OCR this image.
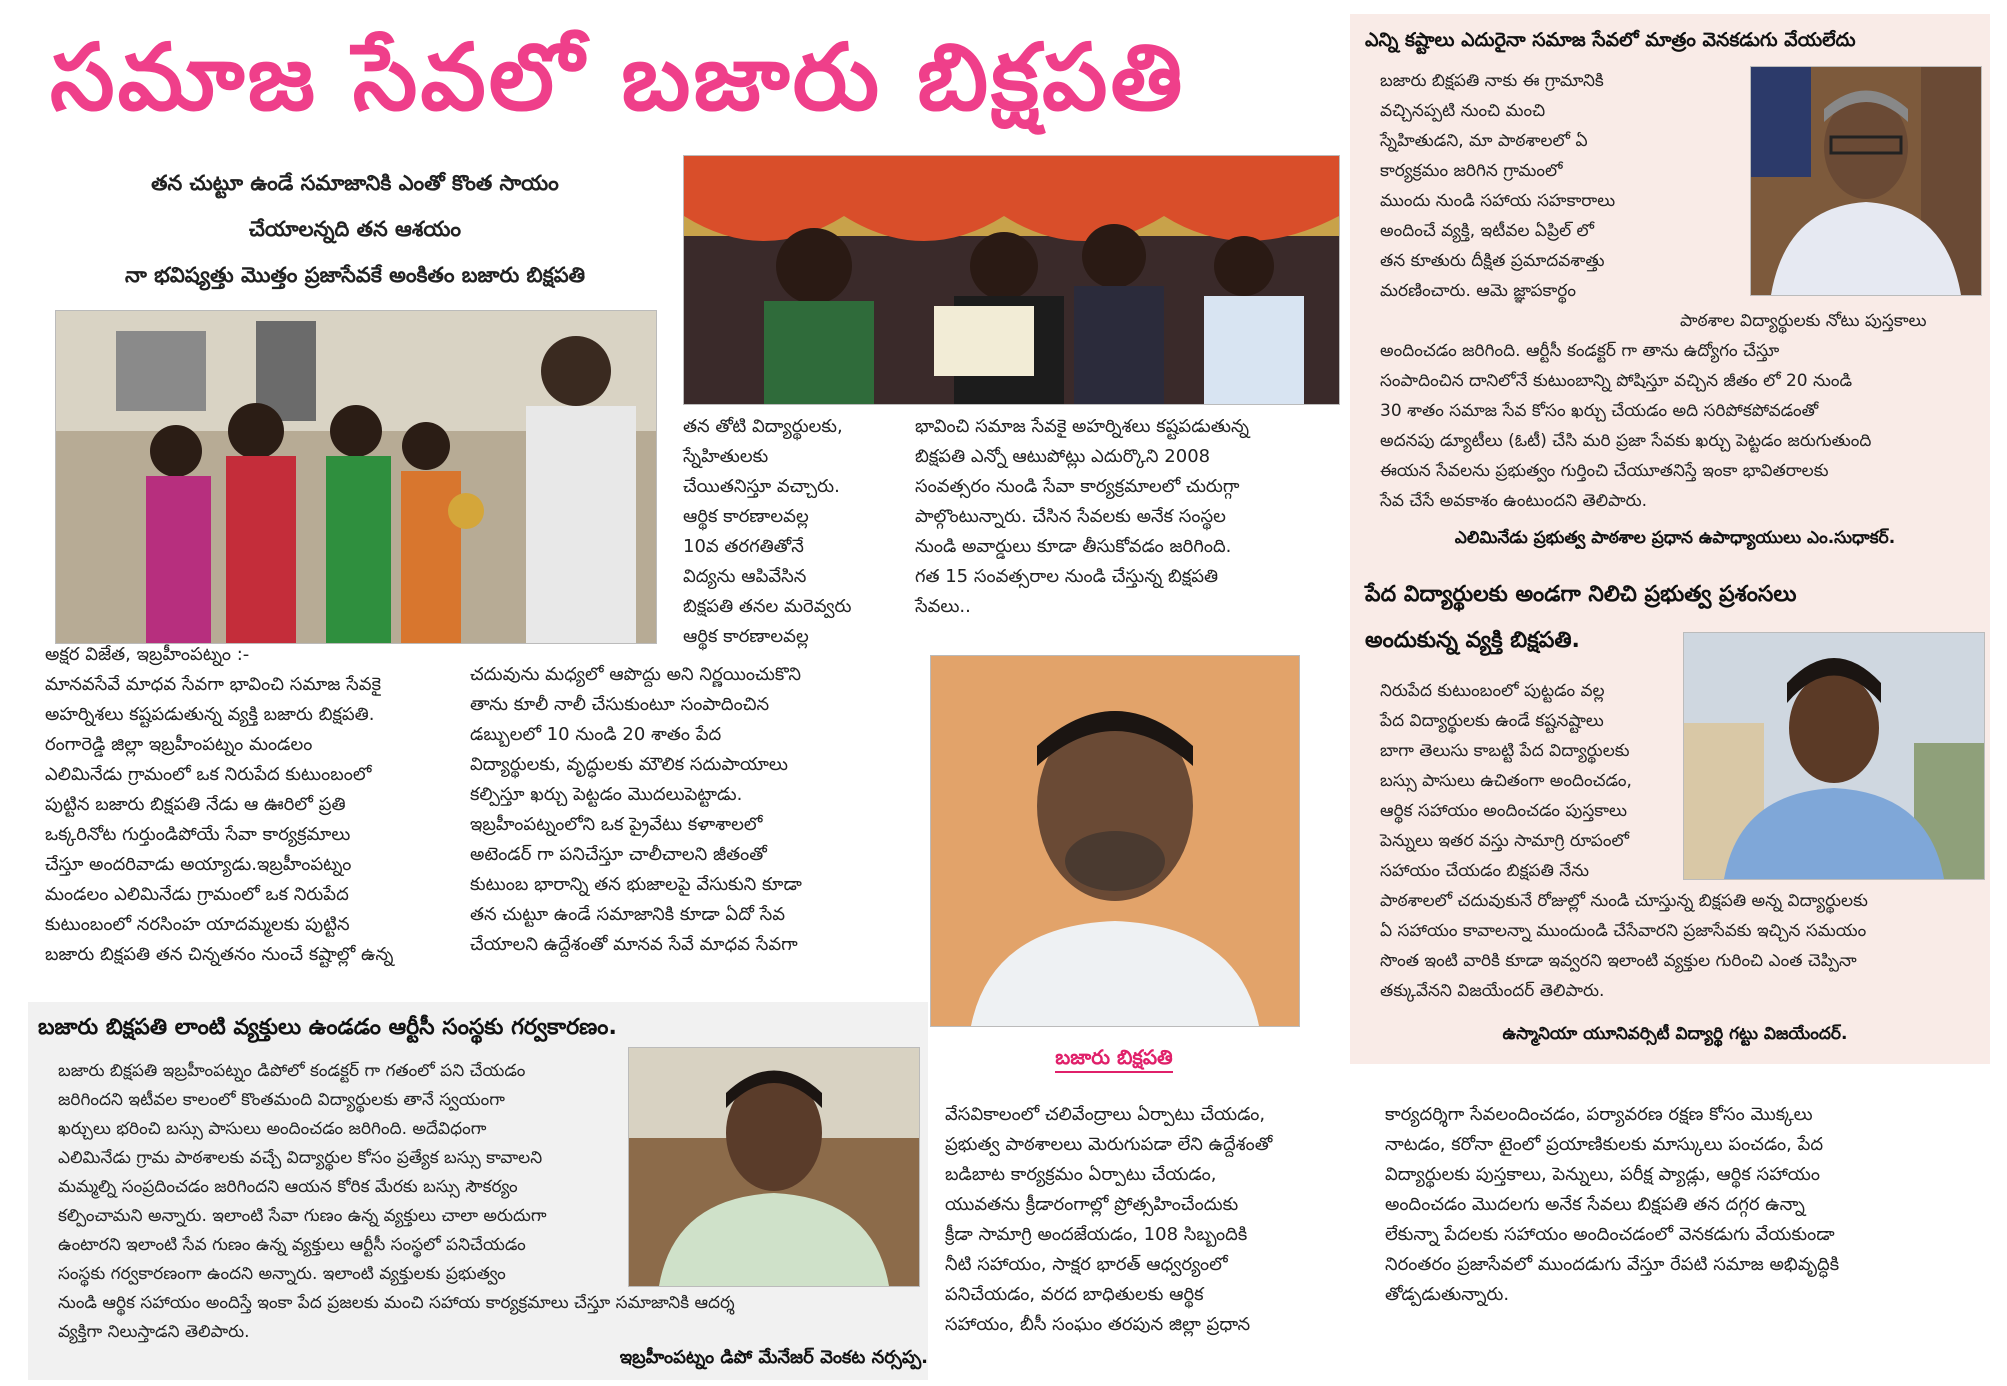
సమాజ సేవలో బజారు బిక్షపతి
తన చుట్టూ ఉండే సమాజానికి ఎంతో కొంత సాయం
చేయాలన్నది తన ఆశయం
నా భవిష్యత్తు మొత్తం ప్రజాసేవకే అంకితం బజారు బిక్షపతి

అక్షర విజేత, ఇబ్రహీంపట్నం :-

మానవసేవే మాధవ సేవగా భావించి సమాజ సేవకై

అహర్నిశలు కష్టపడుతున్న వ్యక్తి బజారు బిక్షపతి.

రంగారెడ్డి జిల్లా ఇబ్రహీంపట్నం మండలం

ఎలిమినేడు గ్రామంలో ఒక నిరుపేద కుటుంబంలో

పుట్టిన బజారు బిక్షపతి నేడు ఆ ఊరిలో ప్రతి

ఒక్కరినోట గుర్తుండిపోయే సేవా కార్యక్రమాలు

చేస్తూ అందరివాడు అయ్యాడు.ఇబ్రహీంపట్నం

మండలం ఎలిమినేడు గ్రామంలో ఒక నిరుపేద

కుటుంబంలో నరసింహ యాదమ్మలకు పుట్టిన

బజారు బిక్షపతి తన చిన్నతనం నుంచే కష్టాల్లో ఉన్న

తన తోటి విద్యార్థులకు,

స్నేహితులకు

చేయితనిస్తూ వచ్చారు.

ఆర్థిక కారణాలవల్ల

10వ తరగతితోనే

విద్యను ఆపివేసిన

బిక్షపతి తనల మరెవ్వరు

ఆర్థిక కారణాలవల్ల

చదువును మధ్యలో ఆపొద్దు అని నిర్ణయించుకొని

తాను కూలీ నాలీ చేసుకుంటూ సంపాదించిన

డబ్బులలో 10 నుండి 20 శాతం పేద

విద్యార్థులకు, వృద్ధులకు మౌలిక సదుపాయాలు

కల్పిస్తూ ఖర్చు పెట్టడం మొదలుపెట్టాడు.

ఇబ్రహీంపట్నంలోని ఒక ప్రైవేటు కళాశాలలో

అటెండర్ గా పనిచేస్తూ చాలీచాలని జీతంతో

కుటుంబ భారాన్ని తన భుజాలపై వేసుకుని కూడా

తన చుట్టూ ఉండే సమాజానికి కూడా ఏదో సేవ

చేయాలని ఉద్దేశంతో మానవ సేవే మాధవ సేవగా

భావించి సమాజ సేవకై అహర్నిశలు కష్టపడుతున్న

బిక్షపతి ఎన్నో ఆటుపోట్లు ఎదుర్కొని 2008

సంవత్సరం నుండి సేవా కార్యక్రమాలలో చురుగ్గా

పాల్గొంటున్నారు. చేసిన సేవలకు అనేక సంస్థల

నుండి అవార్డులు కూడా తీసుకోవడం జరిగింది.

గత 15 సంవత్సరాల నుండి చేస్తున్న బిక్షపతి

సేవలు..

బజారు బిక్షపతి

వేసవికాలంలో చలివేంద్రాలు ఏర్పాటు చేయడం,

ప్రభుత్వ పాఠశాలలు మెరుగుపడా లేని ఉద్దేశంతో

బడిబాట కార్యక్రమం ఏర్పాటు చేయడం,

యువతను క్రీడారంగాల్లో ప్రోత్సహించేందుకు

క్రీడా సామాగ్రి అందజేయడం, 108 సిబ్బందికి

నీటి సహాయం, సాక్షర భారత్ ఆధ్వర్యంలో

పనిచేయడం, వరద బాధితులకు ఆర్థిక

సహాయం, బీసీ సంఘం తరపున జిల్లా ప్రధాన

కార్యదర్శిగా సేవలందించడం, పర్యావరణ రక్షణ కోసం మొక్కలు

నాటడం, కరోనా టైంలో ప్రయాణికులకు మాస్కులు పంచడం, పేద

విద్యార్థులకు పుస్తకాలు, పెన్నులు, పరీక్ష ప్యాడ్లు, ఆర్థిక సహాయం

అందించడం మొదలగు అనేక సేవలు బిక్షపతి తన దగ్గర ఉన్నా

లేకున్నా పేదలకు సహాయం అందించడంలో వెనకడుగు వేయకుండా

నిరంతరం ప్రజాసేవలో ముందడుగు వేస్తూ రేపటి సమాజ అభివృద్ధికి

తోడ్పడుతున్నారు.

బజారు బిక్షపతి లాంటి వ్యక్తులు ఉండడం ఆర్టీసీ సంస్థకు గర్వకారణం.

బజారు బిక్షపతి ఇబ్రహీంపట్నం డిపోలో కండక్టర్ గా గతంలో పని చేయడం

జరిగిందని ఇటీవల కాలంలో కొంతమంది విద్యార్థులకు తానే స్వయంగా

ఖర్చులు భరించి బస్సు పాసులు అందించడం జరిగింది. అదేవిధంగా

ఎలిమినేడు గ్రామ పాఠశాలకు వచ్చే విద్యార్థుల కోసం ప్రత్యేక బస్సు కావాలని

మమ్మల్ని సంప్రదించడం జరిగిందని ఆయన కోరిక మేరకు బస్సు సౌకర్యం

కల్పించామని అన్నారు. ఇలాంటి సేవా గుణం ఉన్న వ్యక్తులు చాలా అరుదుగా

ఉంటారని ఇలాంటి సేవ గుణం ఉన్న వ్యక్తులు ఆర్టీసీ సంస్థలో పనిచేయడం

సంస్థకు గర్వకారణంగా ఉందని అన్నారు. ఇలాంటి వ్యక్తులకు ప్రభుత్వం

నుండి ఆర్థిక సహాయం అందిస్తే ఇంకా పేద ప్రజలకు మంచి సహాయ కార్యక్రమాలు చేస్తూ సమాజానికి ఆదర్శ

వ్యక్తిగా నిలుస్తాడని తెలిపారు.

ఇబ్రహీంపట్నం డిపో మేనేజర్ వెంకట నర్సప్ప.
ఎన్ని కష్టాలు ఎదురైనా సమాజ సేవలో మాత్రం వెనకడుగు వేయలేదు

బజారు బిక్షపతి నాకు ఈ గ్రామానికి

వచ్చినప్పటి నుంచి మంచి

స్నేహితుడని, మా పాఠశాలలో ఏ

కార్యక్రమం జరిగిన గ్రామంలో

ముందు నుండి సహాయ సహకారాలు

అందించే వ్యక్తి, ఇటీవల ఏప్రిల్ లో

తన కూతురు దీక్షిత ప్రమాదవశాత్తు

మరణించారు. ఆమె జ్ఞాపకార్థం

పాఠశాల విద్యార్థులకు నోటు పుస్తకాలు

అందించడం జరిగింది. ఆర్టీసీ కండక్టర్ గా తాను ఉద్యోగం చేస్తూ

సంపాదించిన దానిలోనే కుటుంబాన్ని పోషిస్తూ వచ్చిన జీతం లో 20 నుండి

30 శాతం సమాజ సేవ కోసం ఖర్చు చేయడం అది సరిపోకపోవడంతో

అదనపు డ్యూటీలు (ఓటీ) చేసి మరి ప్రజా సేవకు ఖర్చు పెట్టడం జరుగుతుంది

ఈయన సేవలను ప్రభుత్వం గుర్తించి చేయూతనిస్తే ఇంకా భావితరాలకు

సేవ చేసే అవకాశం ఉంటుందని తెలిపారు.

ఎలిమినేడు ప్రభుత్వ పాఠశాల ప్రధాన ఉపాధ్యాయులు ఎం.సుధాకర్.
పేద విద్యార్థులకు అండగా నిలిచి ప్రభుత్వ ప్రశంసలు
అందుకున్న వ్యక్తి బిక్షపతి.

నిరుపేద కుటుంబంలో పుట్టడం వల్ల

పేద విద్యార్థులకు ఉండే కష్టనష్టాలు

బాగా తెలుసు కాబట్టి పేద విద్యార్థులకు

బస్సు పాసులు ఉచితంగా అందించడం,

ఆర్థిక సహాయం అందించడం పుస్తకాలు

పెన్నులు ఇతర వస్తు సామాగ్రి రూపంలో

సహాయం చేయడం బిక్షపతి నేను

పాఠశాలలో చదువుకునే రోజుల్లో నుండి చూస్తున్న బిక్షపతి అన్న విద్యార్థులకు

ఏ సహాయం కావాలన్నా ముందుండి చేసేవారని ప్రజాసేవకు ఇచ్చిన సమయం

సొంత ఇంటి వారికి కూడా ఇవ్వరని ఇలాంటి వ్యక్తుల గురించి ఎంత చెప్పినా

తక్కువేనని విజయేందర్ తెలిపారు.

ఉస్మానియా యూనివర్సిటీ విద్యార్థి గట్టు విజయేందర్.
